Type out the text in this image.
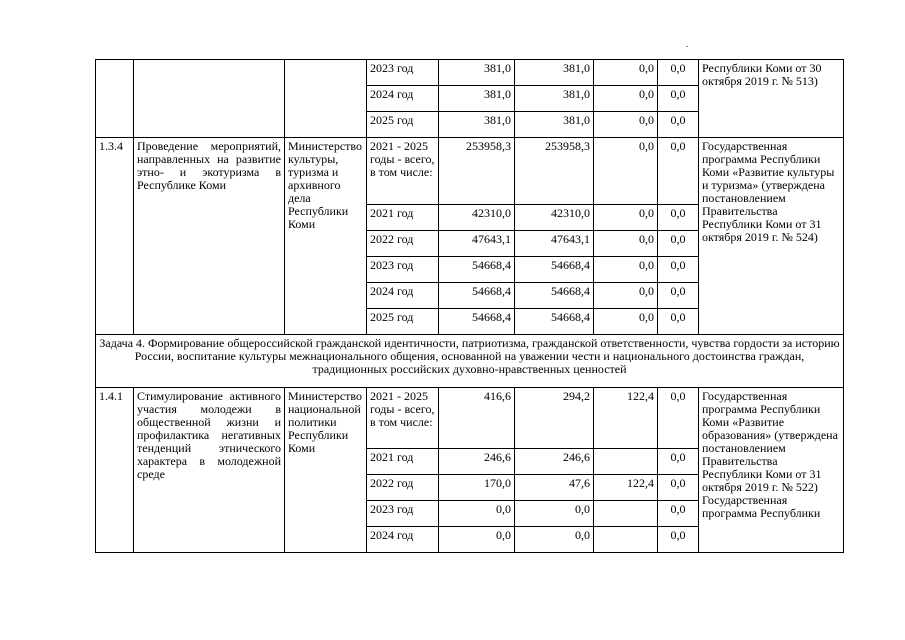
			2023 год	381,0	381,0	0,0	0,0	Республики Коми от 30 октября 2019 г. № 513)
			2024 год	381,0	381,0	0,0	0,0	
			2025 год	381,0	381,0	0,0	0,0	
1.3.4	Проведение мероприятий, направленных на развитие этно- и экотуризма в Республике Коми	Министерство культуры, туризма и архивного дела Республики Коми	2021 - 2025 годы - всего, в том числе:	253958,3	253958,3	0,0	0,0	Государственная программа Республики Коми «Развитие культуры и туризма» (утверждена постановлением Правительства Республики Коми от 31 октября 2019 г. № 524)
			2021 год	42310,0	42310,0	0,0	0,0	
			2022 год	47643,1	47643,1	0,0	0,0	
			2023 год	54668,4	54668,4	0,0	0,0	
			2024 год	54668,4	54668,4	0,0	0,0	
			2025 год	54668,4	54668,4	0,0	0,0	
Задача 4. Формирование общероссийской гражданской идентичности, патриотизма, гражданской ответственности, чувства гордости за историю России, воспитание культуры межнационального общения, основанной на уважении чести и национального достоинства граждан, традиционных российских духовно-нравственных ценностей								
1.4.1	Стимулирование активного участия молодежи в общественной жизни и профилактика негативных тенденций этнического характера в молодежной среде	Министерство национальной политики Республики Коми	2021 - 2025 годы - всего, в том числе:	416,6	294,2	122,4	0,0	Государственная программа Республики Коми «Развитие образования» (утверждена постановлением Правительства Республики Коми от 31 октября 2019 г. № 522)
Государственная программа Республики
			2021 год	246,6	246,6		0,0	
			2022 год	170,0	47,6	122,4	0,0	
			2023 год	0,0	0,0		0,0	
			2024 год	0,0	0,0		0,0	
